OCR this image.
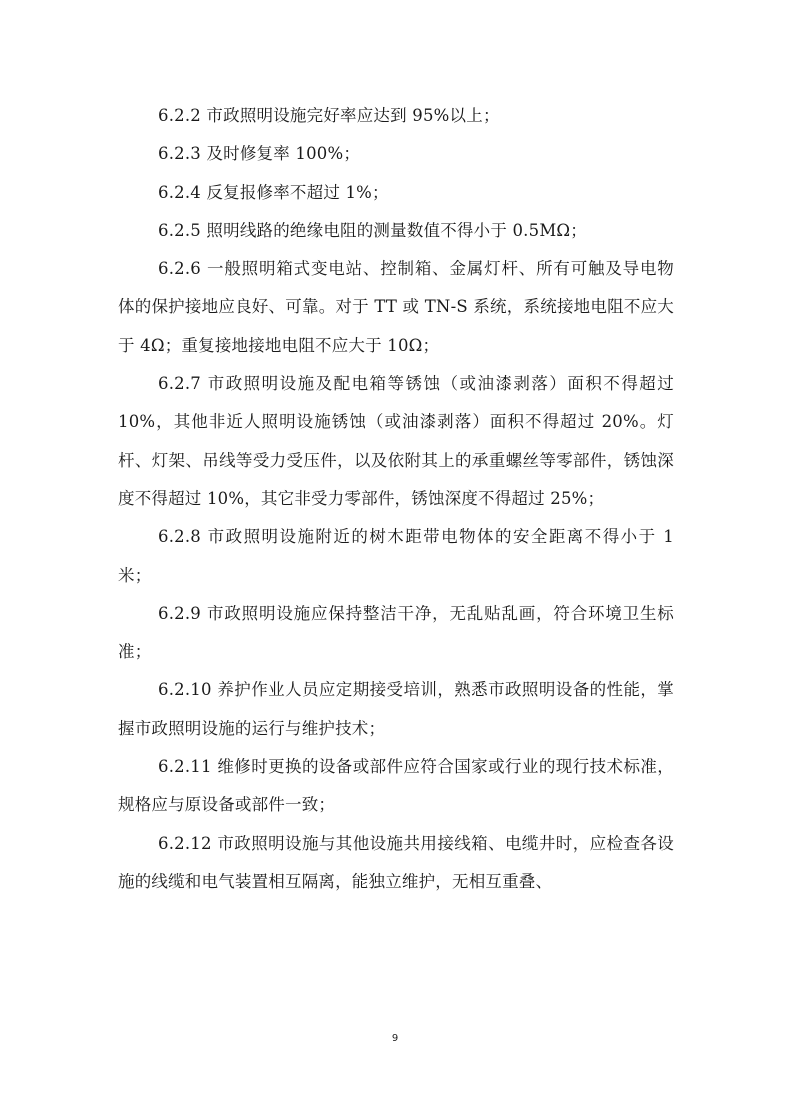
6.2.2 市政照明设施完好率应达到 95%以上；

6.2.3 及时修复率 100%；

6.2.4 反复报修率不超过 1%；

6.2.5 照明线路的绝缘电阻的测量数值不得小于 0.5MΩ；

6.2.6 一般照明箱式变电站、控制箱、金属灯杆、所有可触及导电物体的保护接地应良好、可靠。对于 TT 或 TN-S 系统，系统接地电阻不应大于 4Ω；重复接地接地电阻不应大于 10Ω；

6.2.7 市政照明设施及配电箱等锈蚀（或油漆剥落）面积不得超过 10%，其他非近人照明设施锈蚀（或油漆剥落）面积不得超过 20%。灯杆、灯架、吊线等受力受压件，以及依附其上的承重螺丝等零部件，锈蚀深度不得超过 10%，其它非受力零部件，锈蚀深度不得超过 25%；

6.2.8 市政照明设施附近的树木距带电物体的安全距离不得小于 1 米；

6.2.9 市政照明设施应保持整洁干净，无乱贴乱画，符合环境卫生标准；

6.2.10 养护作业人员应定期接受培训，熟悉市政照明设备的性能，掌握市政照明设施的运行与维护技术；

6.2.11 维修时更换的设备或部件应符合国家或行业的现行技术标准，规格应与原设备或部件一致；

6.2.12 市政照明设施与其他设施共用接线箱、电缆井时，应检查各设施的线缆和电气装置相互隔离，能独立维护，无相互重叠、

9
